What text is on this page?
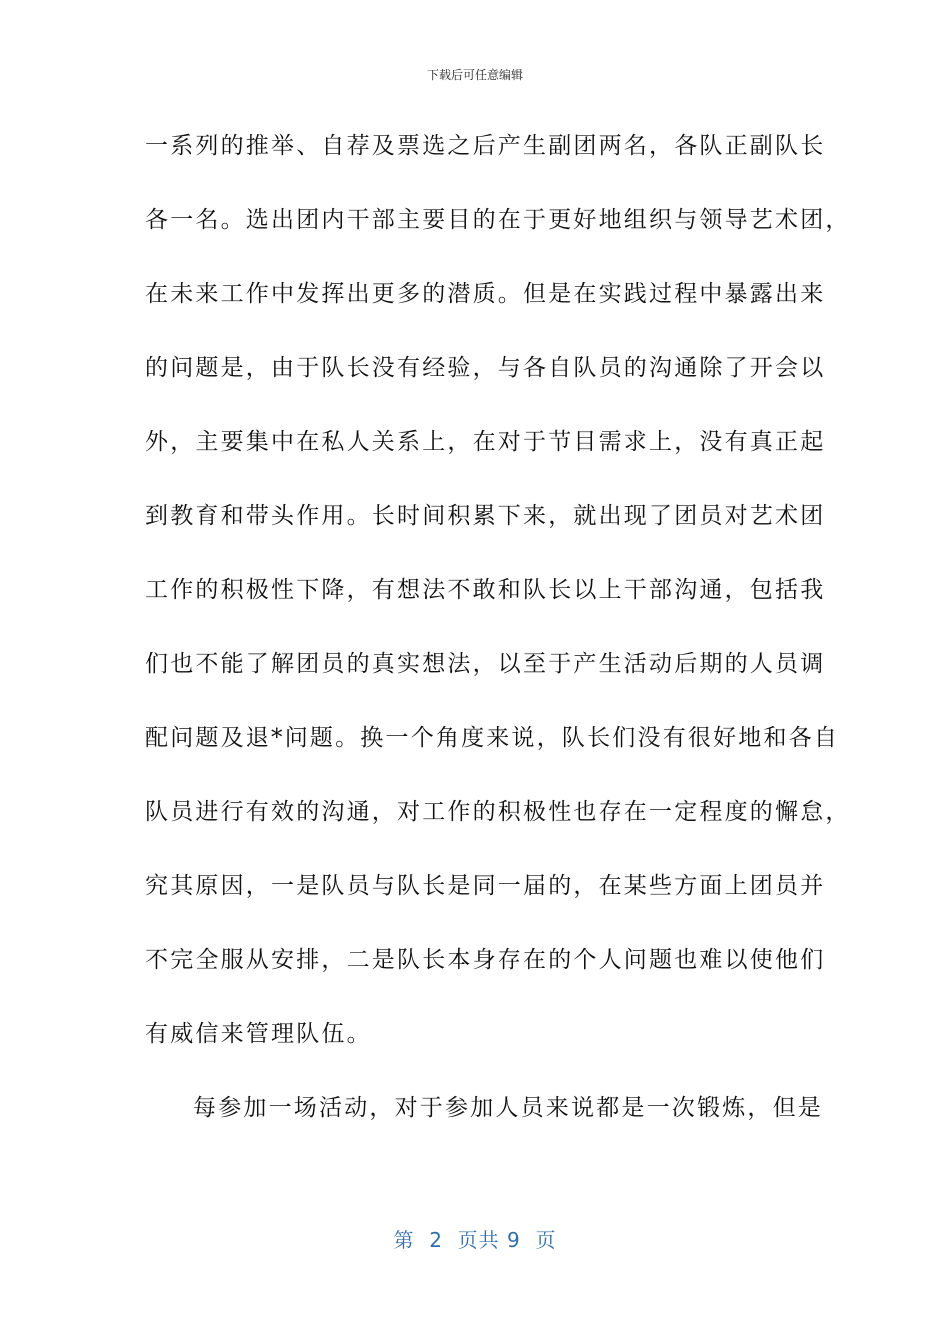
下载后可任意编辑
一系列的推举、自荐及票选之后产生副团两名，各队正副队长
各一名。选出团内干部主要目的在于更好地组织与领导艺术团，
在未来工作中发挥出更多的潜质。但是在实践过程中暴露出来
的问题是，由于队长没有经验，与各自队员的沟通除了开会以
外，主要集中在私人关系上，在对于节目需求上，没有真正起
到教育和带头作用。长时间积累下来，就出现了团员对艺术团
工作的积极性下降，有想法不敢和队长以上干部沟通，包括我
们也不能了解团员的真实想法，以至于产生活动后期的人员调
配问题及退*问题。换一个角度来说，队长们没有很好地和各自
队员进行有效的沟通，对工作的积极性也存在一定程度的懈怠，
究其原因，一是队员与队长是同一届的，在某些方面上团员并
不完全服从安排，二是队长本身存在的个人问题也难以使他们
有威信来管理队伍。
每参加一场活动，对于参加人员来说都是一次锻炼，但是
第  2  页共 9  页
